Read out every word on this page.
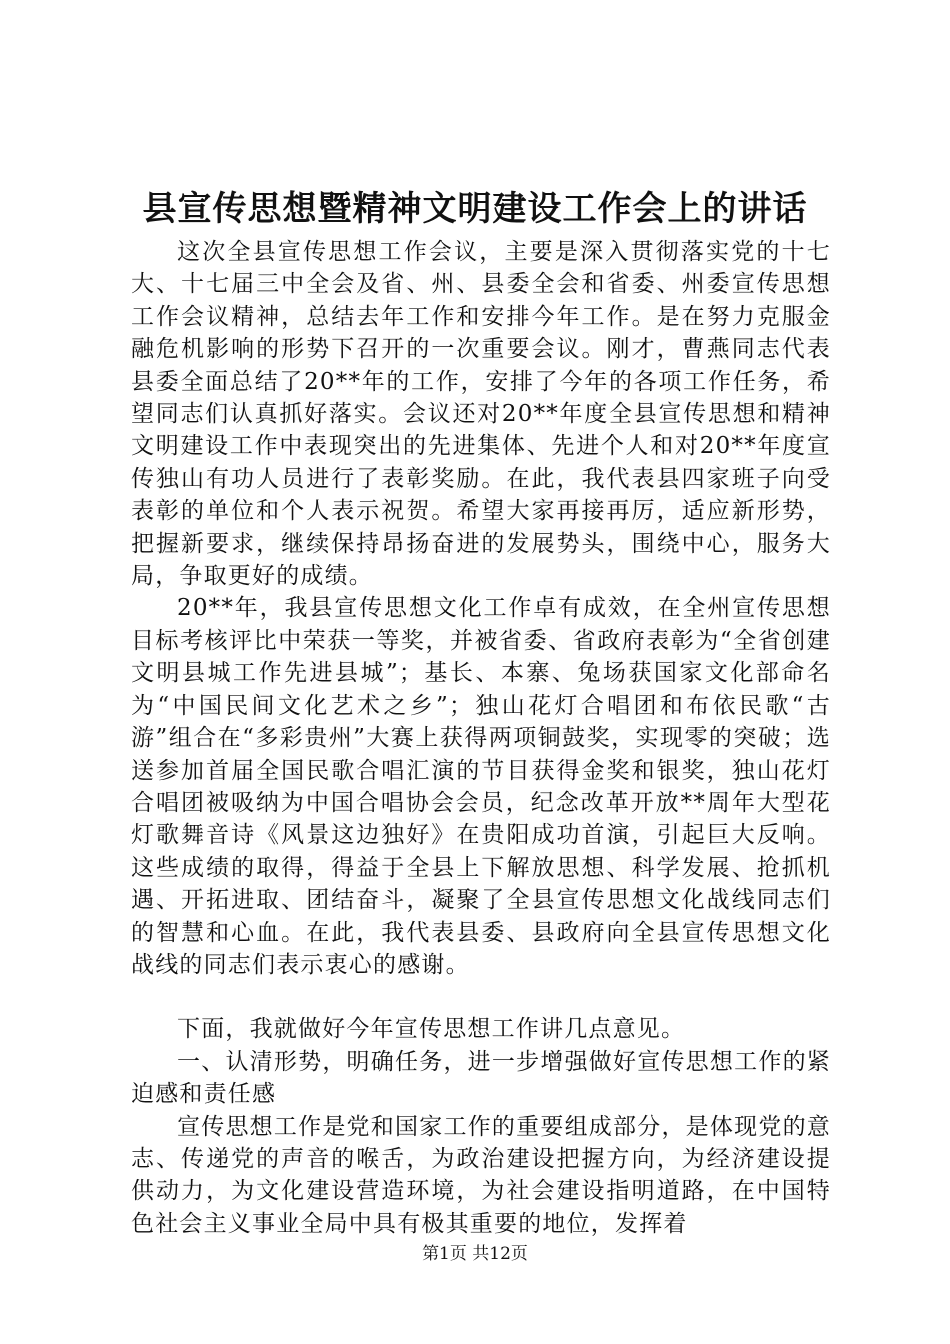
县宣传思想暨精神文明建设工作会上的讲话

这次全县宣传思想工作会议，主要是深入贯彻落实党的十七大、十七届三中全会及省、州、县委全会和省委、州委宣传思想工作会议精神，总结去年工作和安排今年工作。是在努力克服金融危机影响的形势下召开的一次重要会议。刚才，曹燕同志代表县委全面总结了20**年的工作，安排了今年的各项工作任务，希望同志们认真抓好落实。会议还对20**年度全县宣传思想和精神文明建设工作中表现突出的先进集体、先进个人和对20**年度宣传独山有功人员进行了表彰奖励。在此，我代表县四家班子向受表彰的单位和个人表示祝贺。希望大家再接再厉，适应新形势，把握新要求，继续保持昂扬奋进的发展势头，围绕中心，服务大局，争取更好的成绩。

20**年，我县宣传思想文化工作卓有成效，在全州宣传思想目标考核评比中荣获一等奖，并被省委、省政府表彰为“全省创建文明县城工作先进县城”；基长、本寨、兔场获国家文化部命名为“中国民间文化艺术之乡”；独山花灯合唱团和布依民歌“古游”组合在“多彩贵州”大赛上获得两项铜鼓奖，实现零的突破；选送参加首届全国民歌合唱汇演的节目获得金奖和银奖，独山花灯合唱团被吸纳为中国合唱协会会员，纪念改革开放**周年大型花灯歌舞音诗《风景这边独好》在贵阳成功首演，引起巨大反响。这些成绩的取得，得益于全县上下解放思想、科学发展、抢抓机遇、开拓进取、团结奋斗，凝聚了全县宣传思想文化战线同志们的智慧和心血。在此，我代表县委、县政府向全县宣传思想文化战线的同志们表示衷心的感谢。

下面，我就做好今年宣传思想工作讲几点意见。

一、认清形势，明确任务，进一步增强做好宣传思想工作的紧迫感和责任感

宣传思想工作是党和国家工作的重要组成部分，是体现党的意志、传递党的声音的喉舌，为政治建设把握方向，为经济建设提供动力，为文化建设营造环境，为社会建设指明道路，在中国特色社会主义事业全局中具有极其重要的地位，发挥着

第1页 共12页
